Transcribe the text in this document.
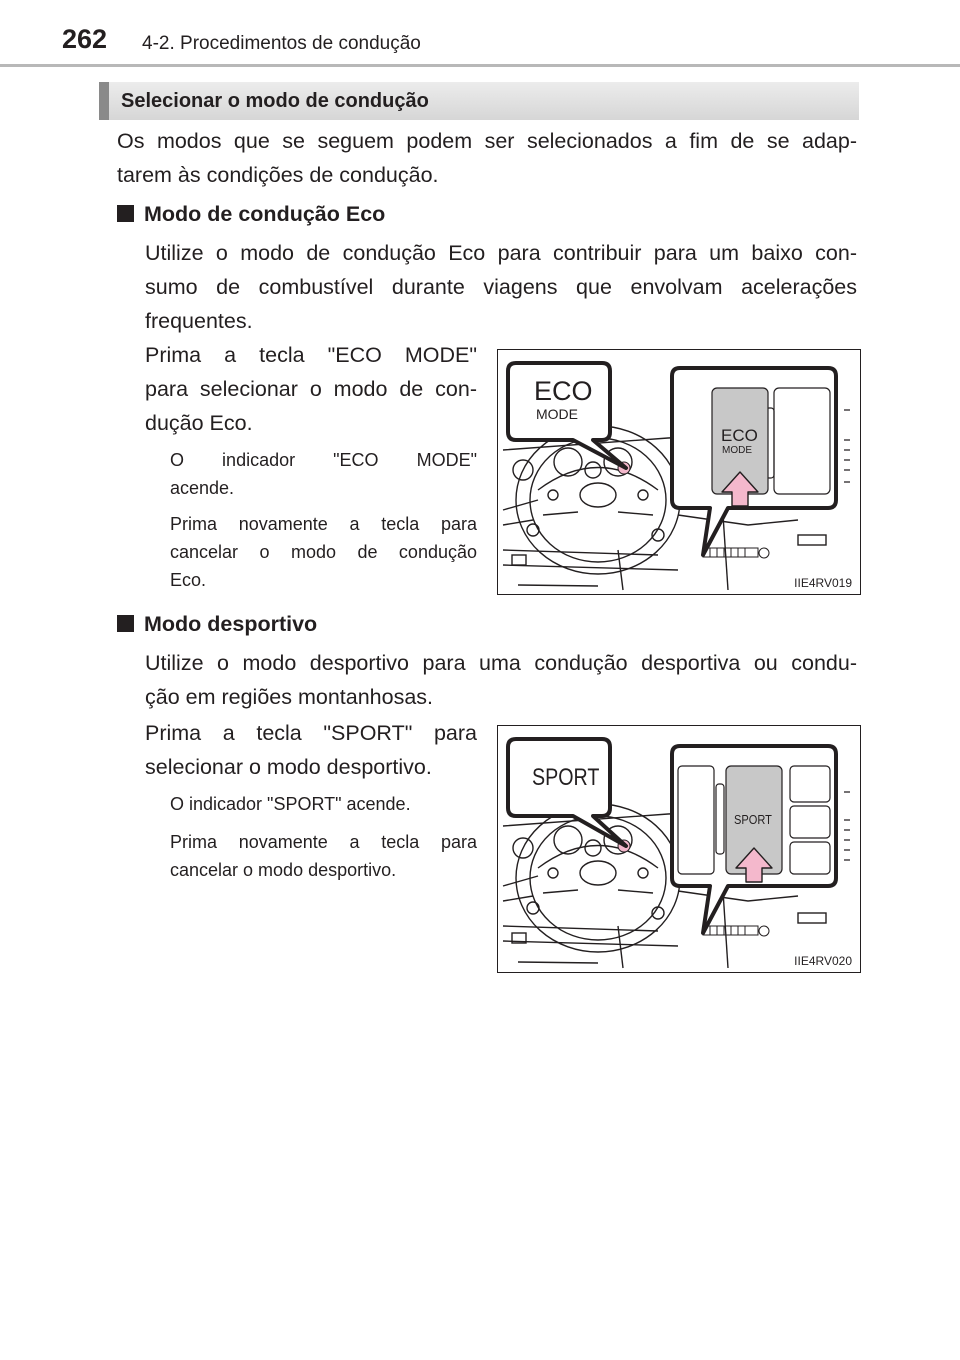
262 4-2. Procedimentos de condução
Selecionar o modo de condução
Os modos que se seguem podem ser selecionados a fim de se adap-
tarem às condições de condução.
Modo de condução Eco
Utilize o modo de condução Eco para contribuir para um baixo con-
sumo de combustível durante viagens que envolvam acelerações
frequentes.
Prima a tecla "ECO MODE"
para selecionar o modo de con-
dução Eco.
O indicador "ECO MODE"
acende.
Prima novamente a tecla para
cancelar o modo de condução
Eco.
ECO
MODE
ECO
MODE
IIE4RV019
Modo desportivo
Utilize o modo desportivo para uma condução desportiva ou condu-
ção em regiões montanhosas.
Prima a tecla "SPORT" para
selecionar o modo desportivo.
O indicador "SPORT" acende.
Prima novamente a tecla para
cancelar o modo desportivo.
SPORT
SPORT
IIE4RV020
